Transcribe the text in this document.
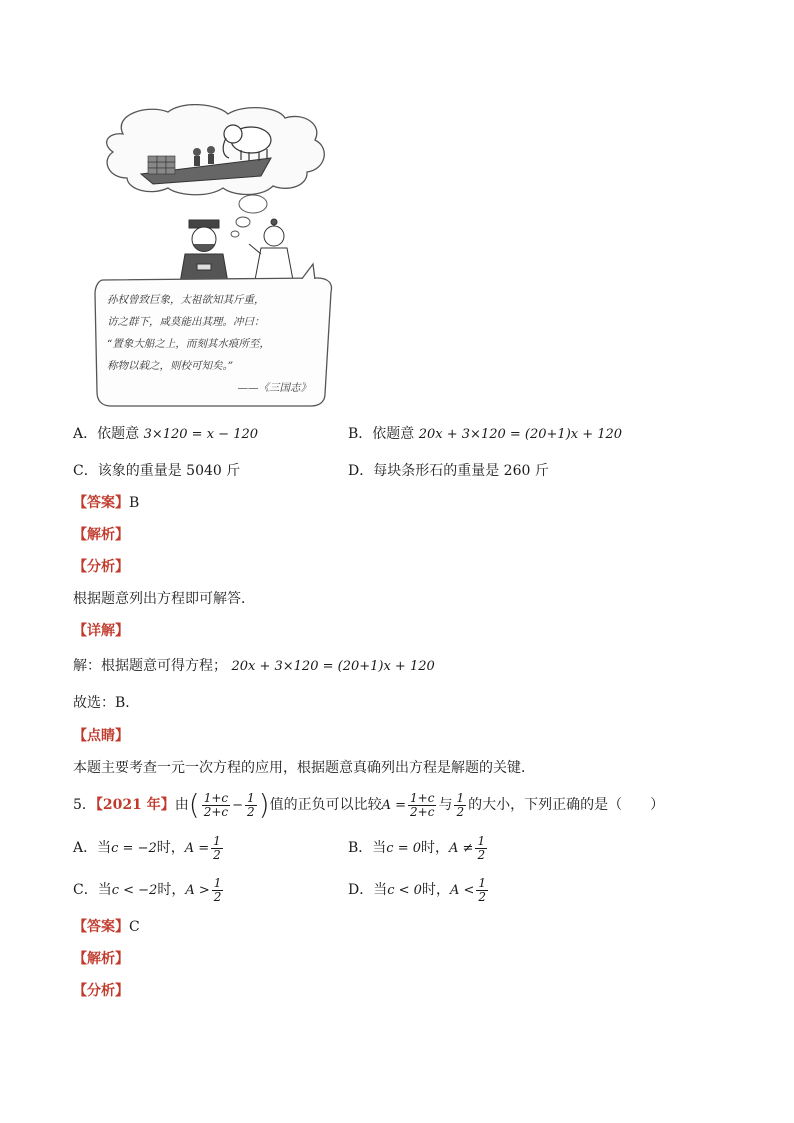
孙权曾致巨象，太祖欲知其斤重，
访之群下，咸莫能出其理。冲曰：
“置象大船之上，而刻其水痕所至，
称物以载之，则校可知矣。”
——《三国志》
A．依题意 3×120 = x − 120	B．依题意 20x + 3×120 = (20+1)x + 120
C．该象的重量是 5040 斤	D．每块条形石的重量是 260 斤
【答案】B
【解析】
【分析】
根据题意列出方程即可解答．
【详解】
解：根据题意可得方程； 20x + 3×120 = (20+1)x + 120
故选：B．
【点睛】
本题主要考查一元一次方程的应用，根据题意真确列出方程是解题的关键．
5．【2021 年】由( $\frac{1+c}{2+c} - \frac{1}{2}$ )值的正负可以比较$A = \frac{1+c}{2+c}$ 与 $\frac{1}{2}$ 的大小，下列正确的是（ ）
A．当c = −2时，$A = \frac{1}{2}$	B．当c = 0时，$A \ne \frac{1}{2}$
C．当c < −2时，$A > \frac{1}{2}$	D．当c < 0时，$A < \frac{1}{2}$
【答案】C
【解析】
【分析】
